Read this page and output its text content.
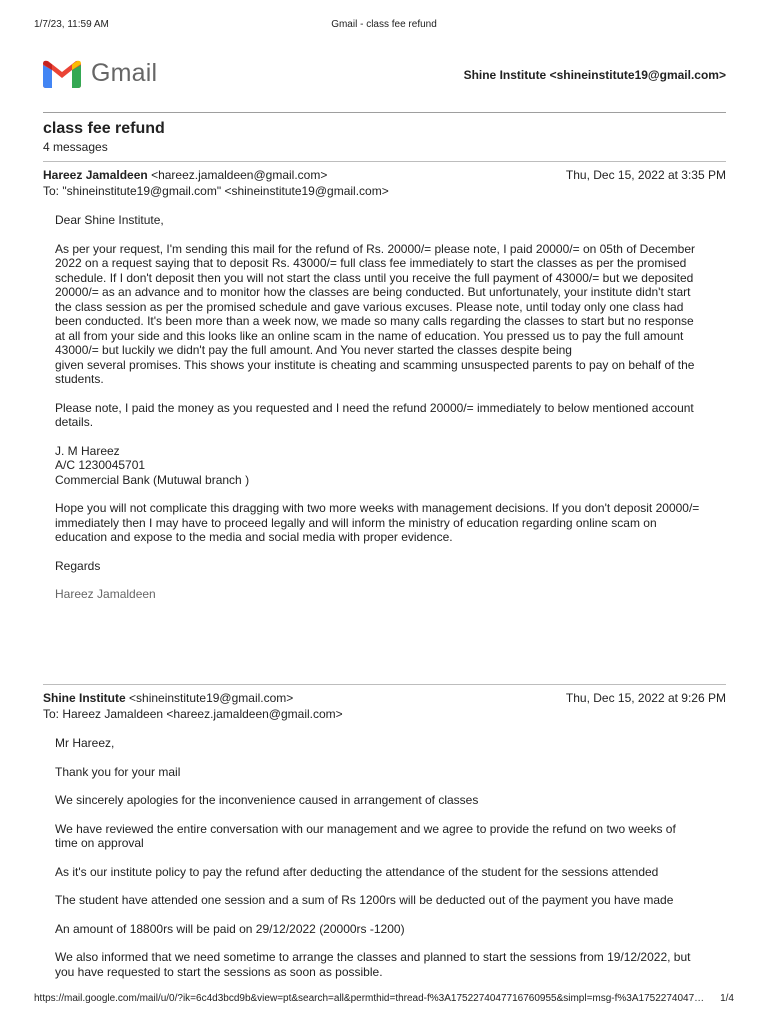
1/7/23, 11:59 AM	Gmail - class fee refund
Gmail	Shine Institute <shineinstitute19@gmail.com>
class fee refund
4 messages
Hareez Jamaldeen <hareez.jamaldeen@gmail.com>	Thu, Dec 15, 2022 at 3:35 PM
To: "shineinstitute19@gmail.com" <shineinstitute19@gmail.com>

Dear Shine Institute,

As per your request, I'm sending this mail for the refund of Rs. 20000/= please note, I paid 20000/= on 05th of December
2022 on a request saying that to deposit Rs. 43000/= full class fee immediately to start the classes as per the promised
schedule. If I don't deposit then you will not start the class until you receive the full payment of 43000/= but we deposited
20000/= as an advance and to monitor how the classes are being conducted. But unfortunately, your institute didn't start
the class session as per the promised schedule and gave various excuses. Please note, until today only one class had
been conducted. It's been more than a week now, we made so many calls regarding the classes to start but no response
at all from your side and this looks like an online scam in the name of education. You pressed us to pay the full amount
43000/= but luckily we didn't pay the full amount. And You never started the classes despite being
given several promises. This shows your institute is cheating and scamming unsuspected parents to pay on behalf of the
students.

Please note, I paid the money as you requested and I need the refund 20000/= immediately to below mentioned account
details.

J. M Hareez
A/C 1230045701
Commercial Bank (Mutuwal branch )

Hope you will not complicate this dragging with two more weeks with management decisions. If you don't deposit 20000/=
immediately then I may have to proceed legally and will inform the ministry of education regarding online scam on
education and expose to the media and social media with proper evidence.

Regards

Hareez Jamaldeen

Shine Institute <shineinstitute19@gmail.com>	Thu, Dec 15, 2022 at 9:26 PM
To: Hareez Jamaldeen <hareez.jamaldeen@gmail.com>

Mr Hareez,

Thank you for your mail

We sincerely apologies for the inconvenience caused in arrangement of classes

We have reviewed the entire conversation with our management and we agree to provide the refund on two weeks of
time on approval

As it's our institute policy to pay the refund after deducting the attendance of the student for the sessions attended

The student have attended one session and a sum of Rs 1200rs will be deducted out of the payment you have made

An amount of 18800rs will be paid on 29/12/2022 (20000rs -1200)

We also informed that we need sometime to arrange the classes and planned to start the sessions from 19/12/2022, but
you have requested to start the sessions as soon as possible.

https://mail.google.com/mail/u/0/?ik=6c4d3bcd9b&view=pt&search=all&permthid=thread-f%3A1752274047716760955&simpl=msg-f%3A1752274047…	1/4
